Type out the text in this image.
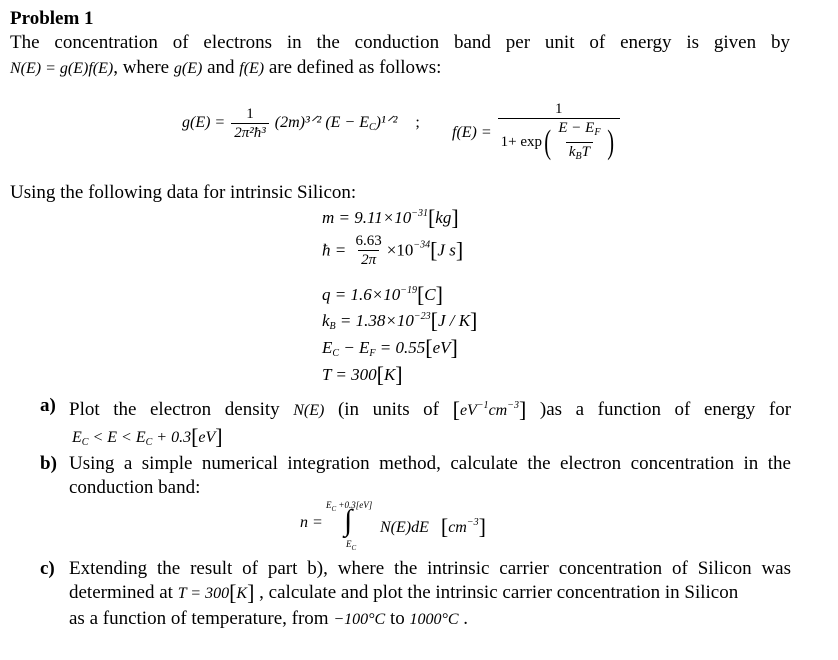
Problem 1
The concentration of electrons in the conduction band per unit of energy is given by
N(E) = g(E)f(E), where g(E) and f(E) are defined as follows:
$g(E) = \frac{1}{\text{2π²ħ³}}$ (2m)³ᐟ² $(E - E_C)^1ᐟ^2$ ;
$f(E) = \frac{1}{1+ \exp( \frac{E - E_F}{k_BT} )}$
Using the following data for intrinsic Silicon:
$m = 9.11\times 10^{-31}[kg]$
ħ = $\frac{6.63}{2\pi} \times 10^{-34}[J$ s]
$q = 1.6\times 10^{-19}[C]$
$k_B = 1.38\times 10^{-23}[J / K]$
$E_C - E_F = 0.55[eV]$
T = 300[K]
a) Plot the electron density N(E) (in units of $[eV^{-1}cm^{-3}]$ )as a function of energy for
$E_C < E < E_C + 0.3[eV]$
b) Using a simple numerical integration method, calculate the electron concentration in the
conduction band:
n =
$E_C +0.3[eV]$
∫
$E_C$
N(E)dE $[cm^{-3}]$
c) Extending the result of part b), where the intrinsic carrier concentration of Silicon was
determined at T = 300[K] , calculate and plot the intrinsic carrier concentration in Silicon
as a function of temperature, from −100°C to 1000°C .
